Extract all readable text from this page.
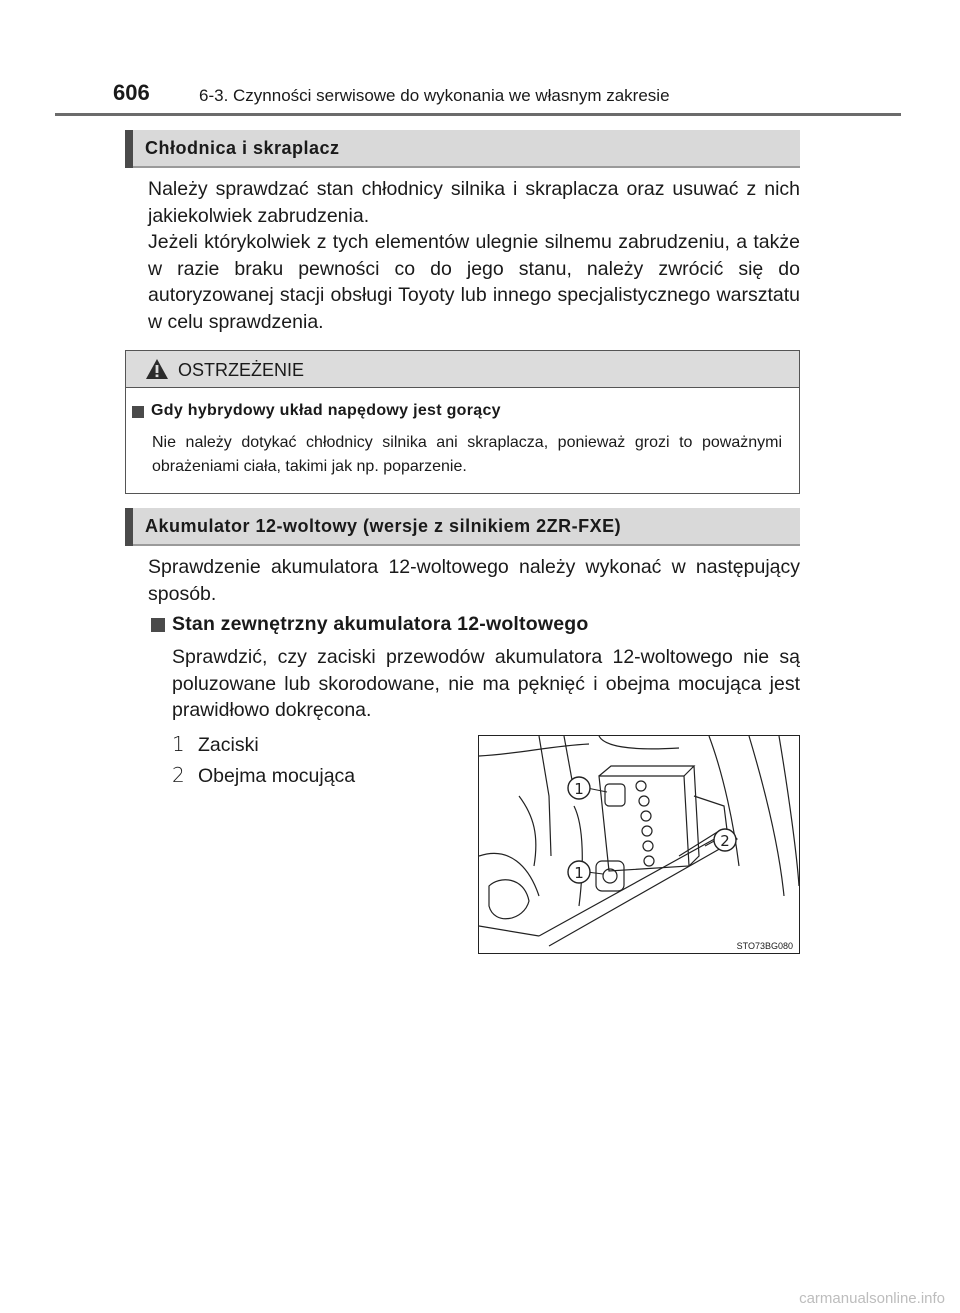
606	6-3. Czynności serwisowe do wykonania we własnym zakresie
Chłodnica i skraplacz
Należy sprawdzać stan chłodnicy silnika i skraplacza oraz usuwać z nich jakiekolwiek zabrudzenia.
Jeżeli którykolwiek z tych elementów ulegnie silnemu zabrudzeniu, a także w razie braku pewności co do jego stanu, należy zwrócić się do autoryzowanej stacji obsługi Toyoty lub innego specjalistycznego warsztatu w celu sprawdzenia.
OSTRZEŻENIE
Gdy hybrydowy układ napędowy jest gorący
Nie należy dotykać chłodnicy silnika ani skraplacza, ponieważ grozi to poważnymi obrażeniami ciała, takimi jak np. poparzenie.
Akumulator 12-woltowy (wersje z silnikiem 2ZR-FXE)
Sprawdzenie akumulatora 12-woltowego należy wykonać w następujący sposób.
Stan zewnętrzny akumulatora 12-woltowego
Sprawdzić, czy zaciski przewodów akumulatora 12-woltowego nie są poluzowane lub skorodowane, nie ma pęknięć i obejma mocująca jest prawidłowo dokręcona.
1 Zaciski
2 Obejma mocująca
1
1
2
STO73BG080
carmanualsonline.info
